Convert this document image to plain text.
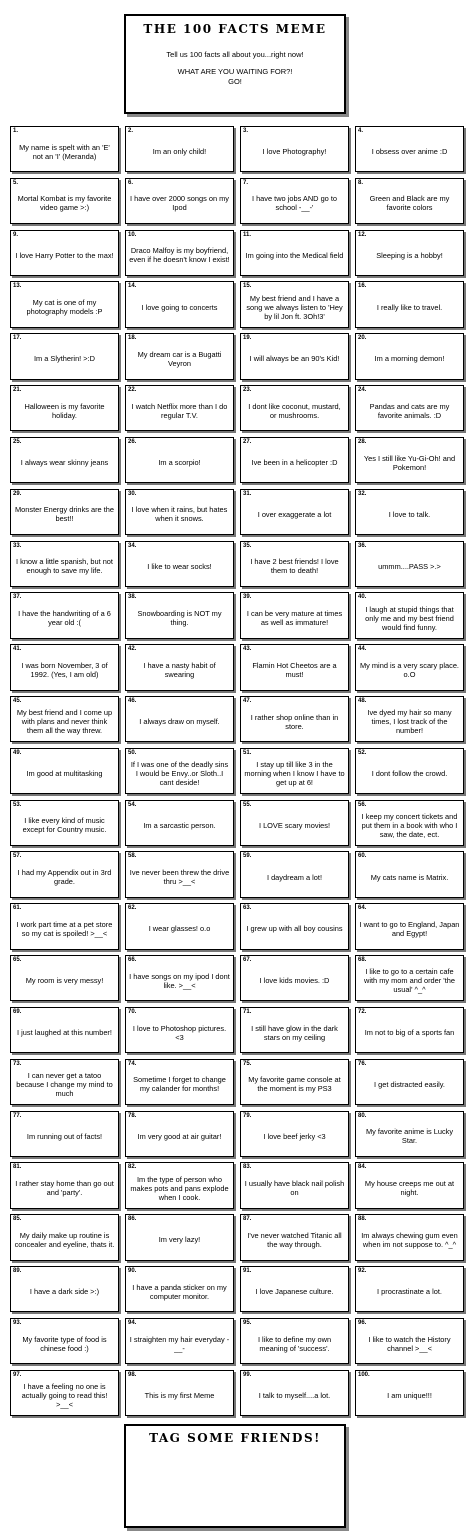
THE 100 FACTS MEME
Tell us 100 facts all about you...right now!
WHAT ARE YOU WAITING FOR?!
GO!
1.
My name is spelt with an 'E' not an 'I' (Meranda)
2.
Im an only child!
3.
I love Photography!
4.
I obsess over anime :D
5.
Mortal Kombat is my favorite video game >:)
6.
I have over 2000 songs on my Ipod
7.
I have two jobs AND go to school -__-'
8.
Green and Black are my favorite colors
9.
I love Harry Potter to the max!
10.
Draco Malfoy is my boyfriend, even if he doesn't know I exist!
11.
Im going into the Medical field
12.
Sleeping is a hobby!
13.
My cat is one of my photography models :P
14.
I love going to concerts
15.
My best friend and I have a song we always listen to 'Hey by lil Jon ft. 3Oh!3'
16.
I really like to travel.
17.
Im a Slytherin! >:D
18.
My dream car is a Bugatti Veyron
19.
I will always be an 90's Kid!
20.
Im a morning demon!
21.
Halloween is my favorite holiday.
22.
I watch Netflix more than I do regular T.V.
23.
I dont like coconut, mustard, or mushrooms.
24.
Pandas and cats are my favorite animals. :D
25.
I always wear skinny jeans
26.
Im a scorpio!
27.
Ive been in a helicopter :D
28.
Yes I still like Yu-Gi-Oh! and Pokemon!
29.
Monster Energy drinks are the best!!
30.
I love when it rains, but hates when it snows.
31.
I over exaggerate a lot
32.
I love to talk.
33.
I know a little spanish, but not enough to save my life.
34.
I like to wear socks!
35.
I have 2 best friends! I love them to death!
36.
ummm....PASS >.>
37.
I have the handwriting of a 6 year old :(
38.
Snowboarding is NOT my thing.
39.
I can be very mature at times as well as immature!
40.
I laugh at stupid things that only me and my best friend would find funny.
41.
I was born November, 3 of 1992. (Yes, I am old)
42.
I have a nasty habit of swearing
43.
Flamin Hot Cheetos are a must!
44.
My mind is a very scary place. o.O
45.
My best friend and I come up with plans and never think them all the way threw.
46.
I always draw on myself.
47.
I rather shop online than in store.
48.
Ive dyed my hair so many times, I lost track of the number!
49.
Im good at multitasking
50.
If I was one of the deadly sins I would be Envy..or Sloth..I cant deside!
51.
I stay up till like 3 in the morning when I know I have to get up at 6!
52.
I dont follow the crowd.
53.
I like every kind of music except for Country music.
54.
Im a sarcastic person.
55.
I LOVE scary movies!
56.
I keep my concert tickets and put them in a book with who I saw, the date, ect.
57.
I had my Appendix out in 3rd grade.
58.
Ive never been threw the drive thru >__<
59.
I daydream a lot!
60.
My cats name is Matrix.
61.
I work part time at a pet store so my cat is spoiled! >__<
62.
I wear glasses! o.o
63.
I grew up with all boy cousins
64.
I want to go to England, Japan and Egypt!
65.
My room is very messy!
66.
I have songs on my ipod I dont like. >__<
67.
I love kids movies. :D
68.
I like to go to a certain cafe with my mom and order 'the usual' ^_^
69.
I just laughed at this number!
70.
I love to Photoshop pictures. <3
71.
I still have glow in the dark stars on my ceiling
72.
Im not to big of a sports fan
73.
I can never get a tatoo because I change my mind to much
74.
Sometime I forget to change my calander for months!
75.
My favorite game console at the moment is my PS3
76.
I get distracted easily.
77.
Im running out of facts!
78.
Im very good at air guitar!
79.
I love beef jerky <3
80.
My favorite anime is Lucky Star.
81.
I rather stay home than go out and 'party'.
82.
Im the type of person who makes pots and pans explode when I cook.
83.
I usually have black nail polish on
84.
My house creeps me out at night.
85.
My daily make up routine is concealer and eyeline, thats it.
86.
Im very lazy!
87.
I've never watched Titanic all the way through.
88.
Im always chewing gum even when im not suppose to. ^_^
89.
I have a dark side >:)
90.
I have a panda sticker on my computer monitor.
91.
I love Japanese culture.
92.
I procrastinate a lot.
93.
My favorite type of food is chinese food :)
94.
I straighten my hair everyday -__-
95.
I like to define my own meaning of 'success'.
96.
I like to watch the History channel >__<
97.
I have a feeling no one is actually going to read this! >__<
98.
This is my first Meme
99.
I talk to myself....a lot.
100.
I am unique!!!
TAG SOME FRIENDS!
